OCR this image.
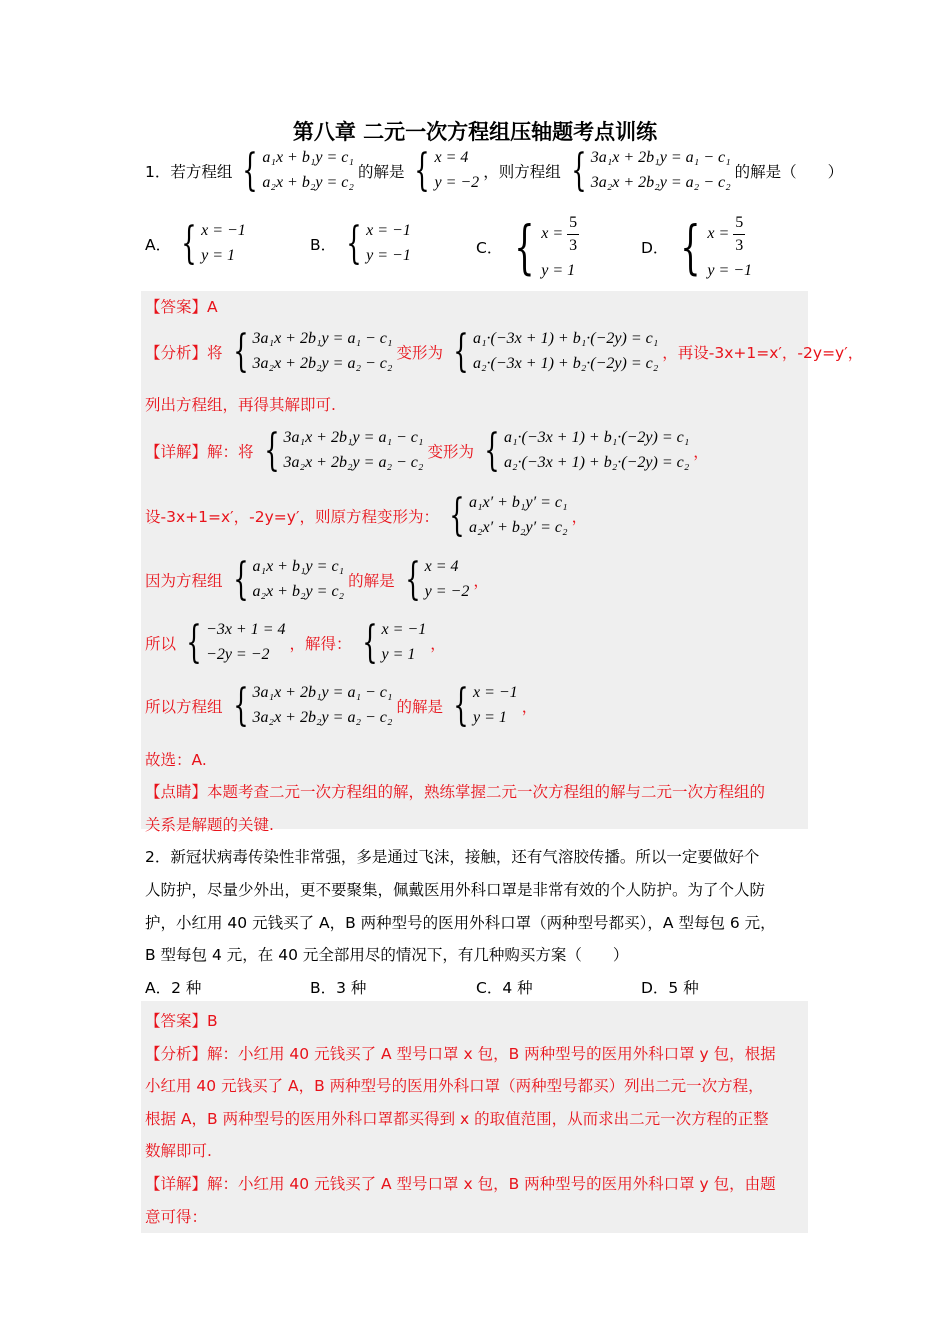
第八章 二元一次方程组压轴题考点训练
1．若方程组 { a₁x + b₁y = c₁
a₂x + b₂y = c₂
的解是 { x = 4
y = −2
，则方程组 { 3a₁x + 2b₁y = a₁ − c₁
3a₂x + 2b₂y = a₂ − c₂
的解是（　　）
A． { x = −1
y = 1
B． { x = −1
y = −1	C． { $x = \frac{5}{3}$
y = 1
D． { $x = \frac{5}{3}$
y = −1
【答案】A
【分析】将 { 3a₁x + 2b₁y = a₁ − c₁
3a₂x + 2b₂y = a₂ − c₂
变形为 { a₁·(−3x + 1) + b₁·(−2y) = c₁
a₂·(−3x + 1) + b₂·(−2y) = c₂
，再设-3x+1=x′，-2y=y′，
列出方程组，再得其解即可.
【详解】解：将 { 3a₁x + 2b₁y = a₁ − c₁
3a₂x + 2b₂y = a₂ − c₂
变形为 { a₁·(−3x + 1) + b₁·(−2y) = c₁
a₂·(−3x + 1) + b₂·(−2y) = c₂
，
设-3x+1=x′，-2y=y′，则原方程变形为： { a₁x′ + b₁y′ = c₁
a₂x′ + b₂y′ = c₂
，
因为方程组 { a₁x + b₁y = c₁
a₂x + b₂y = c₂
的解是 { x = 4
y = −2
，
所以 { −3x + 1 = 4
−2y = −2
，解得： { x = −1
y = 1
，
所以方程组 { 3a₁x + 2b₁y = a₁ − c₁
3a₂x + 2b₂y = a₂ − c₂
的解是 { x = −1
y = 1
，
故选：A.
【点睛】本题考查二元一次方程组的解，熟练掌握二元一次方程组的解与二元一次方程组的
关系是解题的关键.
2．新冠状病毒传染性非常强，多是通过飞沫，接触，还有气溶胶传播。所以一定要做好个
人防护，尽量少外出，更不要聚集，佩戴医用外科口罩是非常有效的个人防护。为了个人防
护，小红用 40 元钱买了 A，B 两种型号的医用外科口罩（两种型号都买），A 型每包 6 元，
B 型每包 4 元，在 40 元全部用尽的情况下，有几种购买方案（　　）
A．2 种	B．3 种	C．4 种	D．5 种
【答案】B
【分析】解：小红用 40 元钱买了 A 型号口罩 x 包，B 两种型号的医用外科口罩 y 包，根据
小红用 40 元钱买了 A，B 两种型号的医用外科口罩（两种型号都买）列出二元一次方程，
根据 A，B 两种型号的医用外科口罩都买得到 x 的取值范围，从而求出二元一次方程的正整
数解即可.
【详解】解：小红用 40 元钱买了 A 型号口罩 x 包，B 两种型号的医用外科口罩 y 包，由题
意可得：
